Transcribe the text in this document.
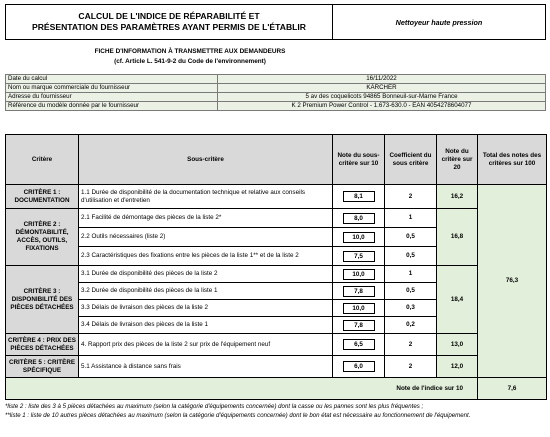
CALCUL DE L'INDICE DE RÉPARABILITÉ ET
PRÉSENTATION DES PARAMÈTRES AYANT PERMIS DE L'ÉTABLIR	Nettoyeur haute pression
FICHE D'INFORMATION À TRANSMETTRE AUX DEMANDEURS
(cf. Article L. 541-9-2 du Code de l'environnement)
Date du calcul	16/11/2022
Nom ou marque commerciale du fournisseur	KÄRCHER
Adresse du fournisseur	5 av des coquelicots 94865 Bonneuil-sur-Marne France
Référence du modèle donnée par le fournisseur	K 2 Premium Power Control - 1.673-630.0 - EAN 4054278604077
Critère	Sous-critère	Note du sous-critère sur 10	Coefficient du sous critère	Note du critère sur 20	Total des notes des critères sur 100
CRITÈRE 1 : DOCUMENTATION	1.1 Durée de disponibilité de la documentation technique et relative aux conseils d'utilisation et d'entretien	8,1	2	16,2	76,3
CRITÈRE 2 : DÉMONTABILITÉ, ACCÈS, OUTILS, FIXATIONS	2.1 Facilité de démontage des pièces de la liste 2*	8,0	1	16,8	
	2.2 Outils nécessaires (liste 2)	10,0	0,5		
	2.3 Caractéristiques des fixations entre les pièces de la liste 1** et de la liste 2	7,5	0,5		
CRITÈRE 3 : DISPONIBILITÉ DES PIÈCES DÉTACHÉES	3.1 Durée de disponibilité des pièces de la liste 2	10,0	1	18,4	
	3.2 Durée de disponibilité des pièces de la liste 1	7,8	0,5		
	3.3 Délais de livraison des pièces de la liste 2	10,0	0,3		
	3.4 Délais de livraison des pièces de la liste 1	7,8	0,2		
CRITÈRE 4 : PRIX DES PIÈCES DÉTACHÉES	4. Rapport prix des pièces de la liste 2 sur prix de l'équipement neuf	6,5	2	13,0	
CRITÈRE 5 : CRITÈRE SPÉCIFIQUE	5.1 Assistance à distance sans frais	6,0	2	12,0	
Note de l'indice sur 10					7,6
*liste 2 : liste des 3 à 5 pièces détachées au maximum (selon la catégorie d'équipements concernée) dont la casse ou les pannes sont les plus fréquentes ;
**liste 1 : liste de 10 autres pièces détachées au maximum (selon la catégorie d'équipements concernée) dont le bon état est nécessaire au fonctionnement de l'équipement.
